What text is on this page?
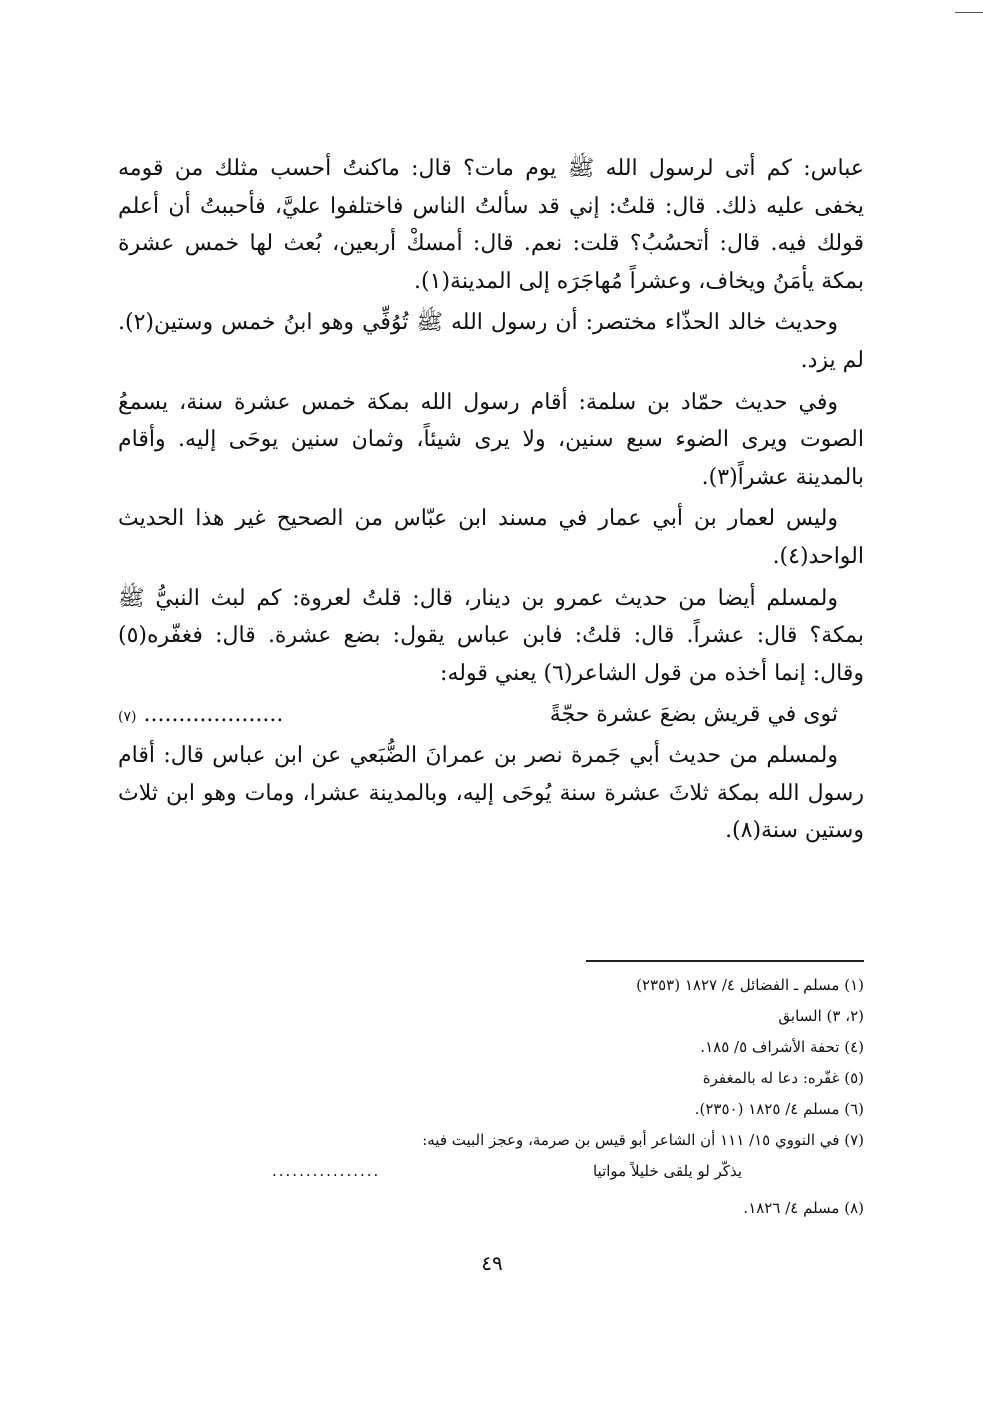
عباس: كم أتى لرسول الله ﷺ يوم مات؟ قال: ماكنتُ أحسب مثلك من قومه يخفى عليه ذلك. قال: قلتُ: إني قد سألتُ الناس فاختلفوا عليَّ، فأحببتُ أن أعلم قولك فيه. قال: أتحسُبُ؟ قلت: نعم. قال: أمسكْ أربعين، بُعث لها خمس عشرة بمكة يأمَنُ ويخاف، وعشراً مُهاجَرَه إلى المدينة(١).

وحديث خالد الحذّاء مختصر: أن رسول الله ﷺ تُوُفِّي وهو ابنُ خمس وستين(٢). لم يزد.

وفي حديث حمّاد بن سلمة: أقام رسول الله بمكة خمس عشرة سنة، يسمعُ الصوت ويرى الضوء سبع سنين، ولا يرى شيئاً، وثمان سنين يوحَى إليه. وأقام بالمدينة عشراً(٣).

وليس لعمار بن أبي عمار في مسند ابن عبّاس من الصحيح غير هذا الحديث الواحد(٤).

ولمسلم أيضا من حديث عمرو بن دينار، قال: قلتُ لعروة: كم لبث النبيُّ ﷺ بمكة؟ قال: عشراً. قال: قلتُ: فابن عباس يقول: بضع عشرة. قال: فغفّره(٥) وقال: إنما أخذه من قول الشاعر(٦) يعني قوله:

ثوى في قريش بضعَ عشرة حجّةً
.................... (٧)

ولمسلم من حديث أبي جَمرة نصر بن عمرانَ الضُّبَعي عن ابن عباس قال: أقام رسول الله بمكة ثلاثَ عشرة سنة يُوحَى إليه، وبالمدينة عشرا، ومات وهو ابن ثلاث وستين سنة(٨).

(١) مسلم ـ الفضائل ٤/ ١٨٢٧ (٢٣٥٣)

(٢، ٣) السابق

(٤) تحفة الأشراف ٥/ ١٨٥.

(٥) غفّره: دعا له بالمغفرة

(٦) مسلم ٤/ ١٨٢٥ (٢٣٥٠).

(٧) في النووي ١٥/ ١١١ أن الشاعر أبو قيس بن صرمة، وعجز البيت فيه:

يذكّر لو يلقى خليلاً مواتيا
................

(٨) مسلم ٤/ ١٨٢٦.

٤٩
